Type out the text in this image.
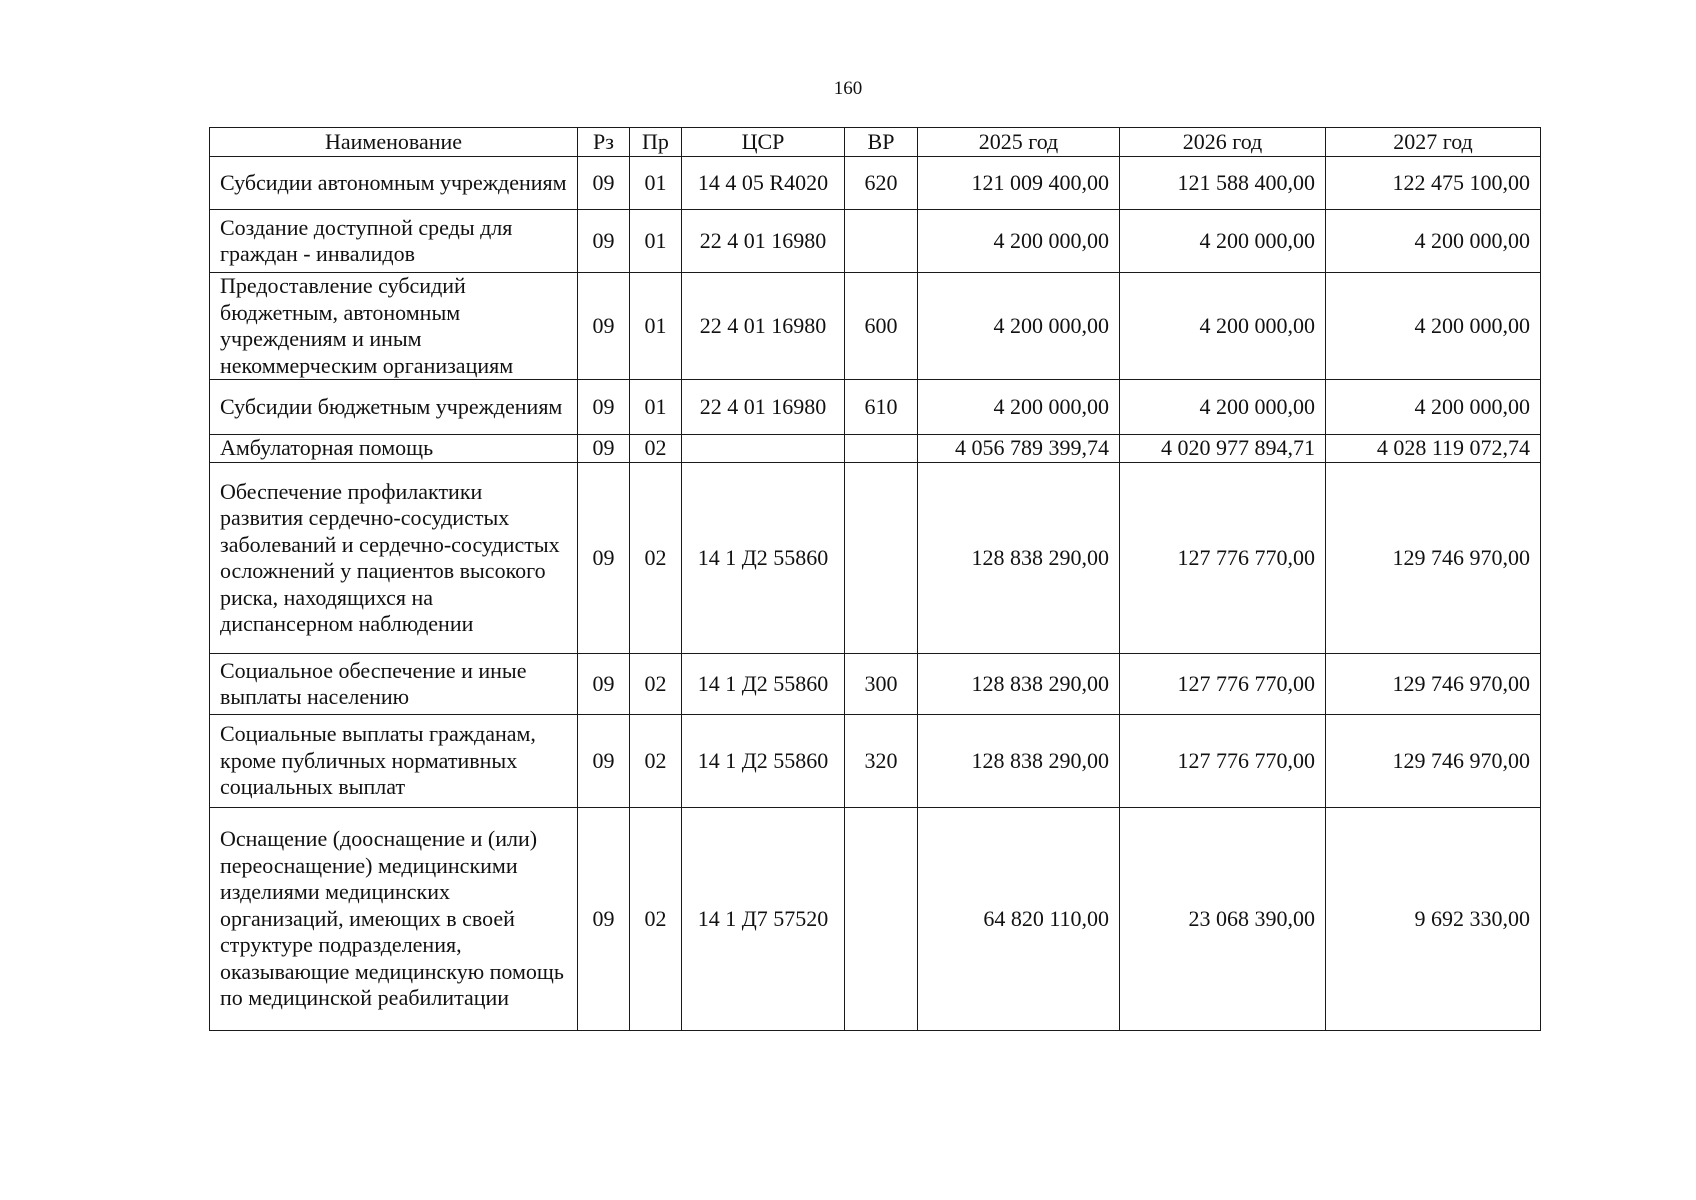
160
Наименование	Рз	Пр	ЦСР	ВР	2025 год	2026 год	2027 год
Субсидии автономным учреждениям	09	01	14 4 05 R4020	620	121 009 400,00	121 588 400,00	122 475 100,00
Создание доступной среды для граждан - инвалидов	09	01	22 4 01 16980		4 200 000,00	4 200 000,00	4 200 000,00
Предоставление субсидий бюджетным, автономным учреждениям и иным некоммерческим организациям	09	01	22 4 01 16980	600	4 200 000,00	4 200 000,00	4 200 000,00
Субсидии бюджетным учреждениям	09	01	22 4 01 16980	610	4 200 000,00	4 200 000,00	4 200 000,00
Амбулаторная помощь	09	02			4 056 789 399,74	4 020 977 894,71	4 028 119 072,74
Обеспечение профилактики развития сердечно-сосудистых заболеваний и сердечно-сосудистых осложнений у пациентов высокого риска, находящихся на диспансерном наблюдении	09	02	14 1 Д2 55860		128 838 290,00	127 776 770,00	129 746 970,00
Социальное обеспечение и иные выплаты населению	09	02	14 1 Д2 55860	300	128 838 290,00	127 776 770,00	129 746 970,00
Социальные выплаты гражданам, кроме публичных нормативных социальных выплат	09	02	14 1 Д2 55860	320	128 838 290,00	127 776 770,00	129 746 970,00
Оснащение (дооснащение и (или) переоснащение) медицинскими изделиями медицинских организаций, имеющих в своей структуре подразделения, оказывающие медицинскую помощь по медицинской реабилитации	09	02	14 1 Д7 57520		64 820 110,00	23 068 390,00	9 692 330,00
